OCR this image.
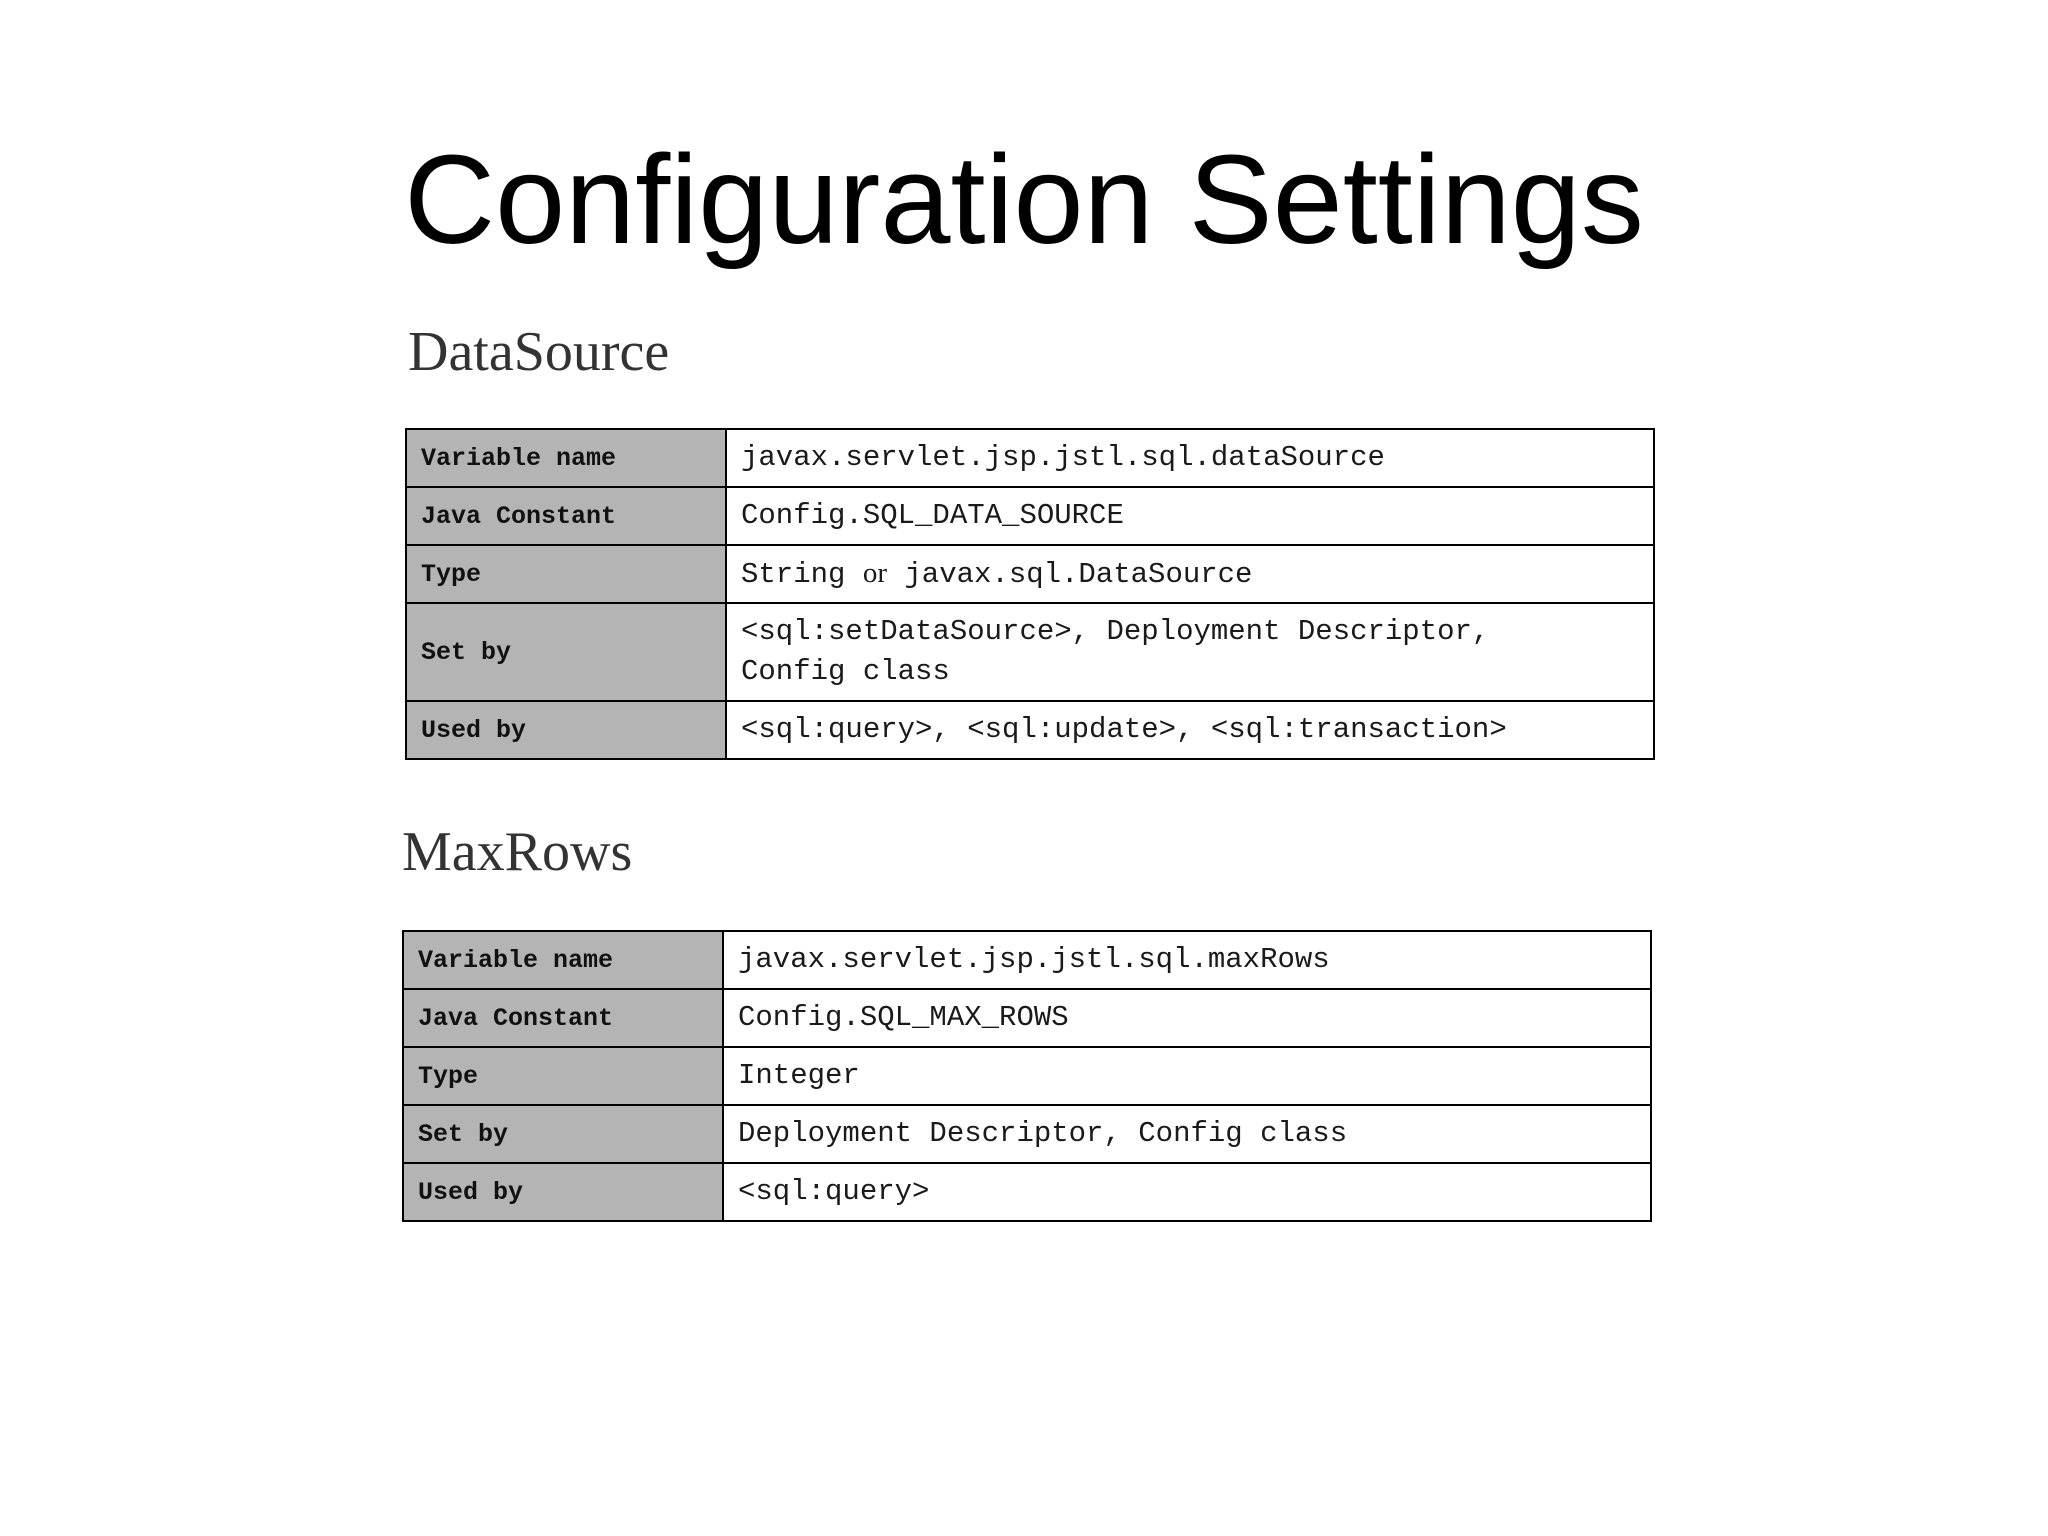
Configuration Settings
DataSource
Variable name	javax.servlet.jsp.jstl.sql.dataSource
Java Constant	Config.SQL_DATA_SOURCE
Type	String or javax.sql.DataSource
Set by	<sql:setDataSource>, Deployment Descriptor,
Config class
Used by	<sql:query>, <sql:update>, <sql:transaction>
MaxRows
Variable name	javax.servlet.jsp.jstl.sql.maxRows
Java Constant	Config.SQL_MAX_ROWS
Type	Integer
Set by	Deployment Descriptor, Config class
Used by	<sql:query>
